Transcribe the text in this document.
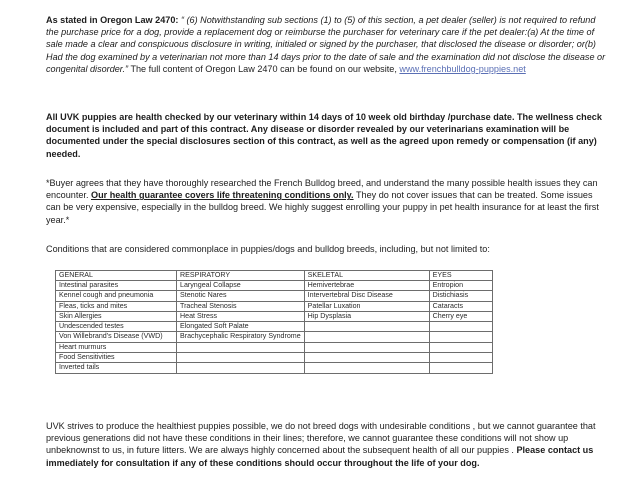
As stated in Oregon Law 2470: “ (6) Notwithstanding sub sections (1) to (5) of this section, a pet dealer (seller) is not required to refund the purchase price for a dog, provide a replacement dog or reimburse the purchaser for veterinary care if the pet dealer:(a) At the time of sale made a clear and conspicuous disclosure in writing, initialed or signed by the purchaser, that disclosed the disease or disorder; or(b) Had the dog examined by a veterinarian not more than 14 days prior to the date of sale and the examination did not disclose the disease or congenital disorder.” The full content of Oregon Law 2470 can be found on our website, www.frenchbulldog-puppies.net
All UVK puppies are health checked by our veterinary within 14 days of 10 week old birthday /purchase date. The wellness check document is included and part of this contract. Any disease or disorder revealed by our veterinarians examination will be documented under the special disclosures section of this contract, as well as the agreed upon remedy or compensation (if any) needed.
*Buyer agrees that they have thoroughly researched the French Bulldog breed, and understand the many possible health issues they can encounter. Our health guarantee covers life threatening conditions only. They do not cover issues that can be treated. Some issues can be very expensive, especially in the bulldog breed. We highly suggest enrolling your puppy in pet health insurance for at least the first year.*
Conditions that are considered commonplace in puppies/dogs and bulldog breeds, including, but not limited to:
GENERAL	RESPIRATORY	SKELETAL	EYES
Intestinal parasites	Laryngeal Collapse	Hemivertebrae	Entropion
Kennel cough and pneumonia	Stenotic Nares	Intervertebral Disc Disease	Distichiasis
Fleas, ticks and mites	Tracheal Stenosis	Patellar Luxation	Cataracts
Skin Allergies	Heat Stress	Hip Dysplasia	Cherry eye
Undescended testes	Elongated Soft Palate		
Von Willebrand’s Disease (VWD)	Brachycephalic Respiratory Syndrome		
Heart murmurs			
Food Sensitivities			
Inverted tails			
UVK strives to produce the healthiest puppies possible, we do not breed dogs with undesirable conditions , but we cannot guarantee that previous generations did not have these conditions in their lines; therefore, we cannot guarantee these conditions will not show up unbeknownst to us, in future litters. We are always highly concerned about the subsequent health of all our puppies . Please contact us immediately for consultation if any of these conditions should occur throughout the life of your dog.
